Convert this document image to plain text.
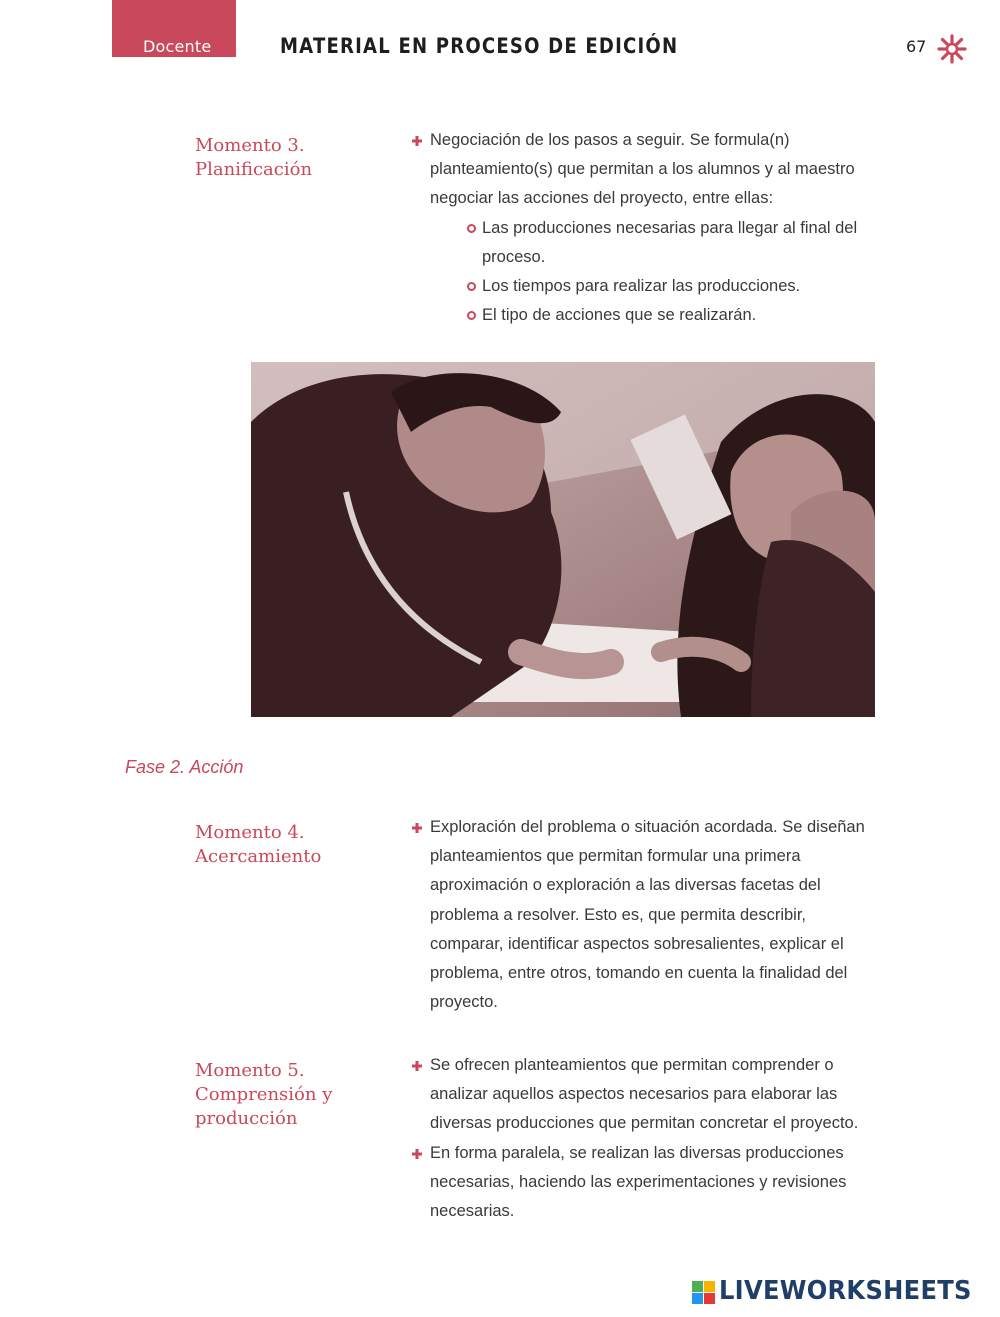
Docente	MATERIAL EN PROCESO DE EDICIÓN	67
Momento 3.
Planificación
Negociación de los pasos a seguir. Se formula(n) planteamiento(s) que permitan a los alumnos y al maestro negociar las acciones del proyecto, entre ellas:
Las producciones necesarias para llegar al final del proceso.
Los tiempos para realizar las producciones.
El tipo de acciones que se realizarán.
Fase 2. Acción
Momento 4.
Acercamiento
Exploración del problema o situación acordada. Se diseñan planteamientos que permitan formular una primera aproximación o exploración a las diversas facetas del problema a resolver. Esto es, que permita describir, comparar, identificar aspectos sobresalientes, explicar el problema, entre otros, tomando en cuenta la finalidad del proyecto.
Momento 5.
Comprensión y
producción
Se ofrecen planteamientos que permitan comprender o analizar aquellos aspectos necesarios para elaborar las diversas producciones que permitan concretar el proyecto.
En forma paralela, se realizan las diversas producciones necesarias, haciendo las experimentaciones y revisiones necesarias.
LIVEWORKSHEETS
